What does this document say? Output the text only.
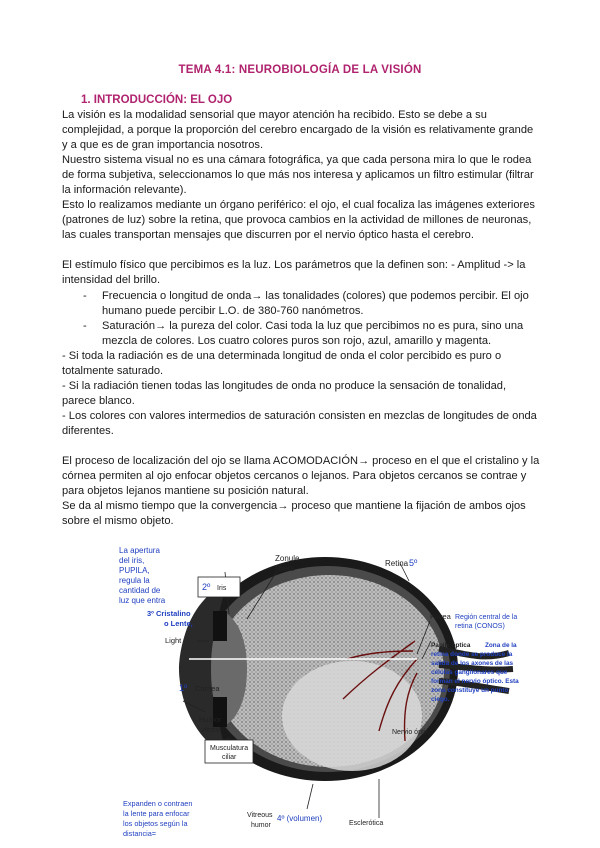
TEMA 4.1: NEUROBIOLOGÍA DE LA VISIÓN
1. INTRODUCCIÓN: EL OJO

La visión es la modalidad sensorial que mayor atención ha recibido. Esto se debe a su complejidad, a porque la proporción del cerebro encargado de la visión es relativamente grande y a que es de gran importancia nosotros.

Nuestro sistema visual no es una cámara fotográfica, ya que cada persona mira lo que le rodea de forma subjetiva, seleccionamos lo que más nos interesa y aplicamos un filtro estimular (filtrar la información relevante).

Esto lo realizamos mediante un órgano periférico: el ojo, el cual focaliza las imágenes exteriores (patrones de luz) sobre la retina, que provoca cambios en la actividad de millones de neuronas, las cuales transportan mensajes que discurren por el nervio óptico hasta el cerebro.

El estímulo físico que percibimos es la luz. Los parámetros que la definen son: - Amplitud -> la intensidad del brillo.

- Frecuencia o longitud de onda→ las tonalidades (colores) que podemos percibir. El ojo humano puede percibir L.O. de 380-760 nanómetros.

- Saturación→ la pureza del color. Casi toda la luz que percibimos no es pura, sino una mezcla de colores. Los cuatro colores puros son rojo, azul, amarillo y magenta.

- Si toda la radiación es de una determinada longitud de onda el color percibido es puro o totalmente saturado.

- Si la radiación tienen todas las longitudes de onda no produce la sensación de tonalidad, parece blanco.

- Los colores con valores intermedios de saturación consisten en mezclas de longitudes de onda diferentes.

El proceso de localización del ojo se llama ACOMODACIÓN→ proceso en el que el cristalino y la córnea permiten al ojo enfocar objetos cercanos o lejanos. Para objetos cercanos se contrae y para objetos lejanos mantiene su posición natural.

Se da al mismo tiempo que la convergencia→ proceso que mantiene la fijación de ambos ojos sobre el mismo objeto.

La apertura
del iris,
PUPILA,
regula la
cantidad de
luz que entra
2º Iris
Zonule
fibers
3º Cristalino
o Lente,
Light
1º Cornea
Humor
vítreo
Retina 5º
Fovea Región central de la
retina (CONOS)
Papila óptica Zona de la
retina donde se produce la
salida de los axones de las
células ganglionares que
forman el nervio óptico. Esta
zona constituye un punto
ciego.
Nervio óptico
Musculatura
ciliar
Vitreous
humor
4º (volumen)
Esclerótica
Expanden o contraen
la lente para enfocar
los objetos según la
distancia=
